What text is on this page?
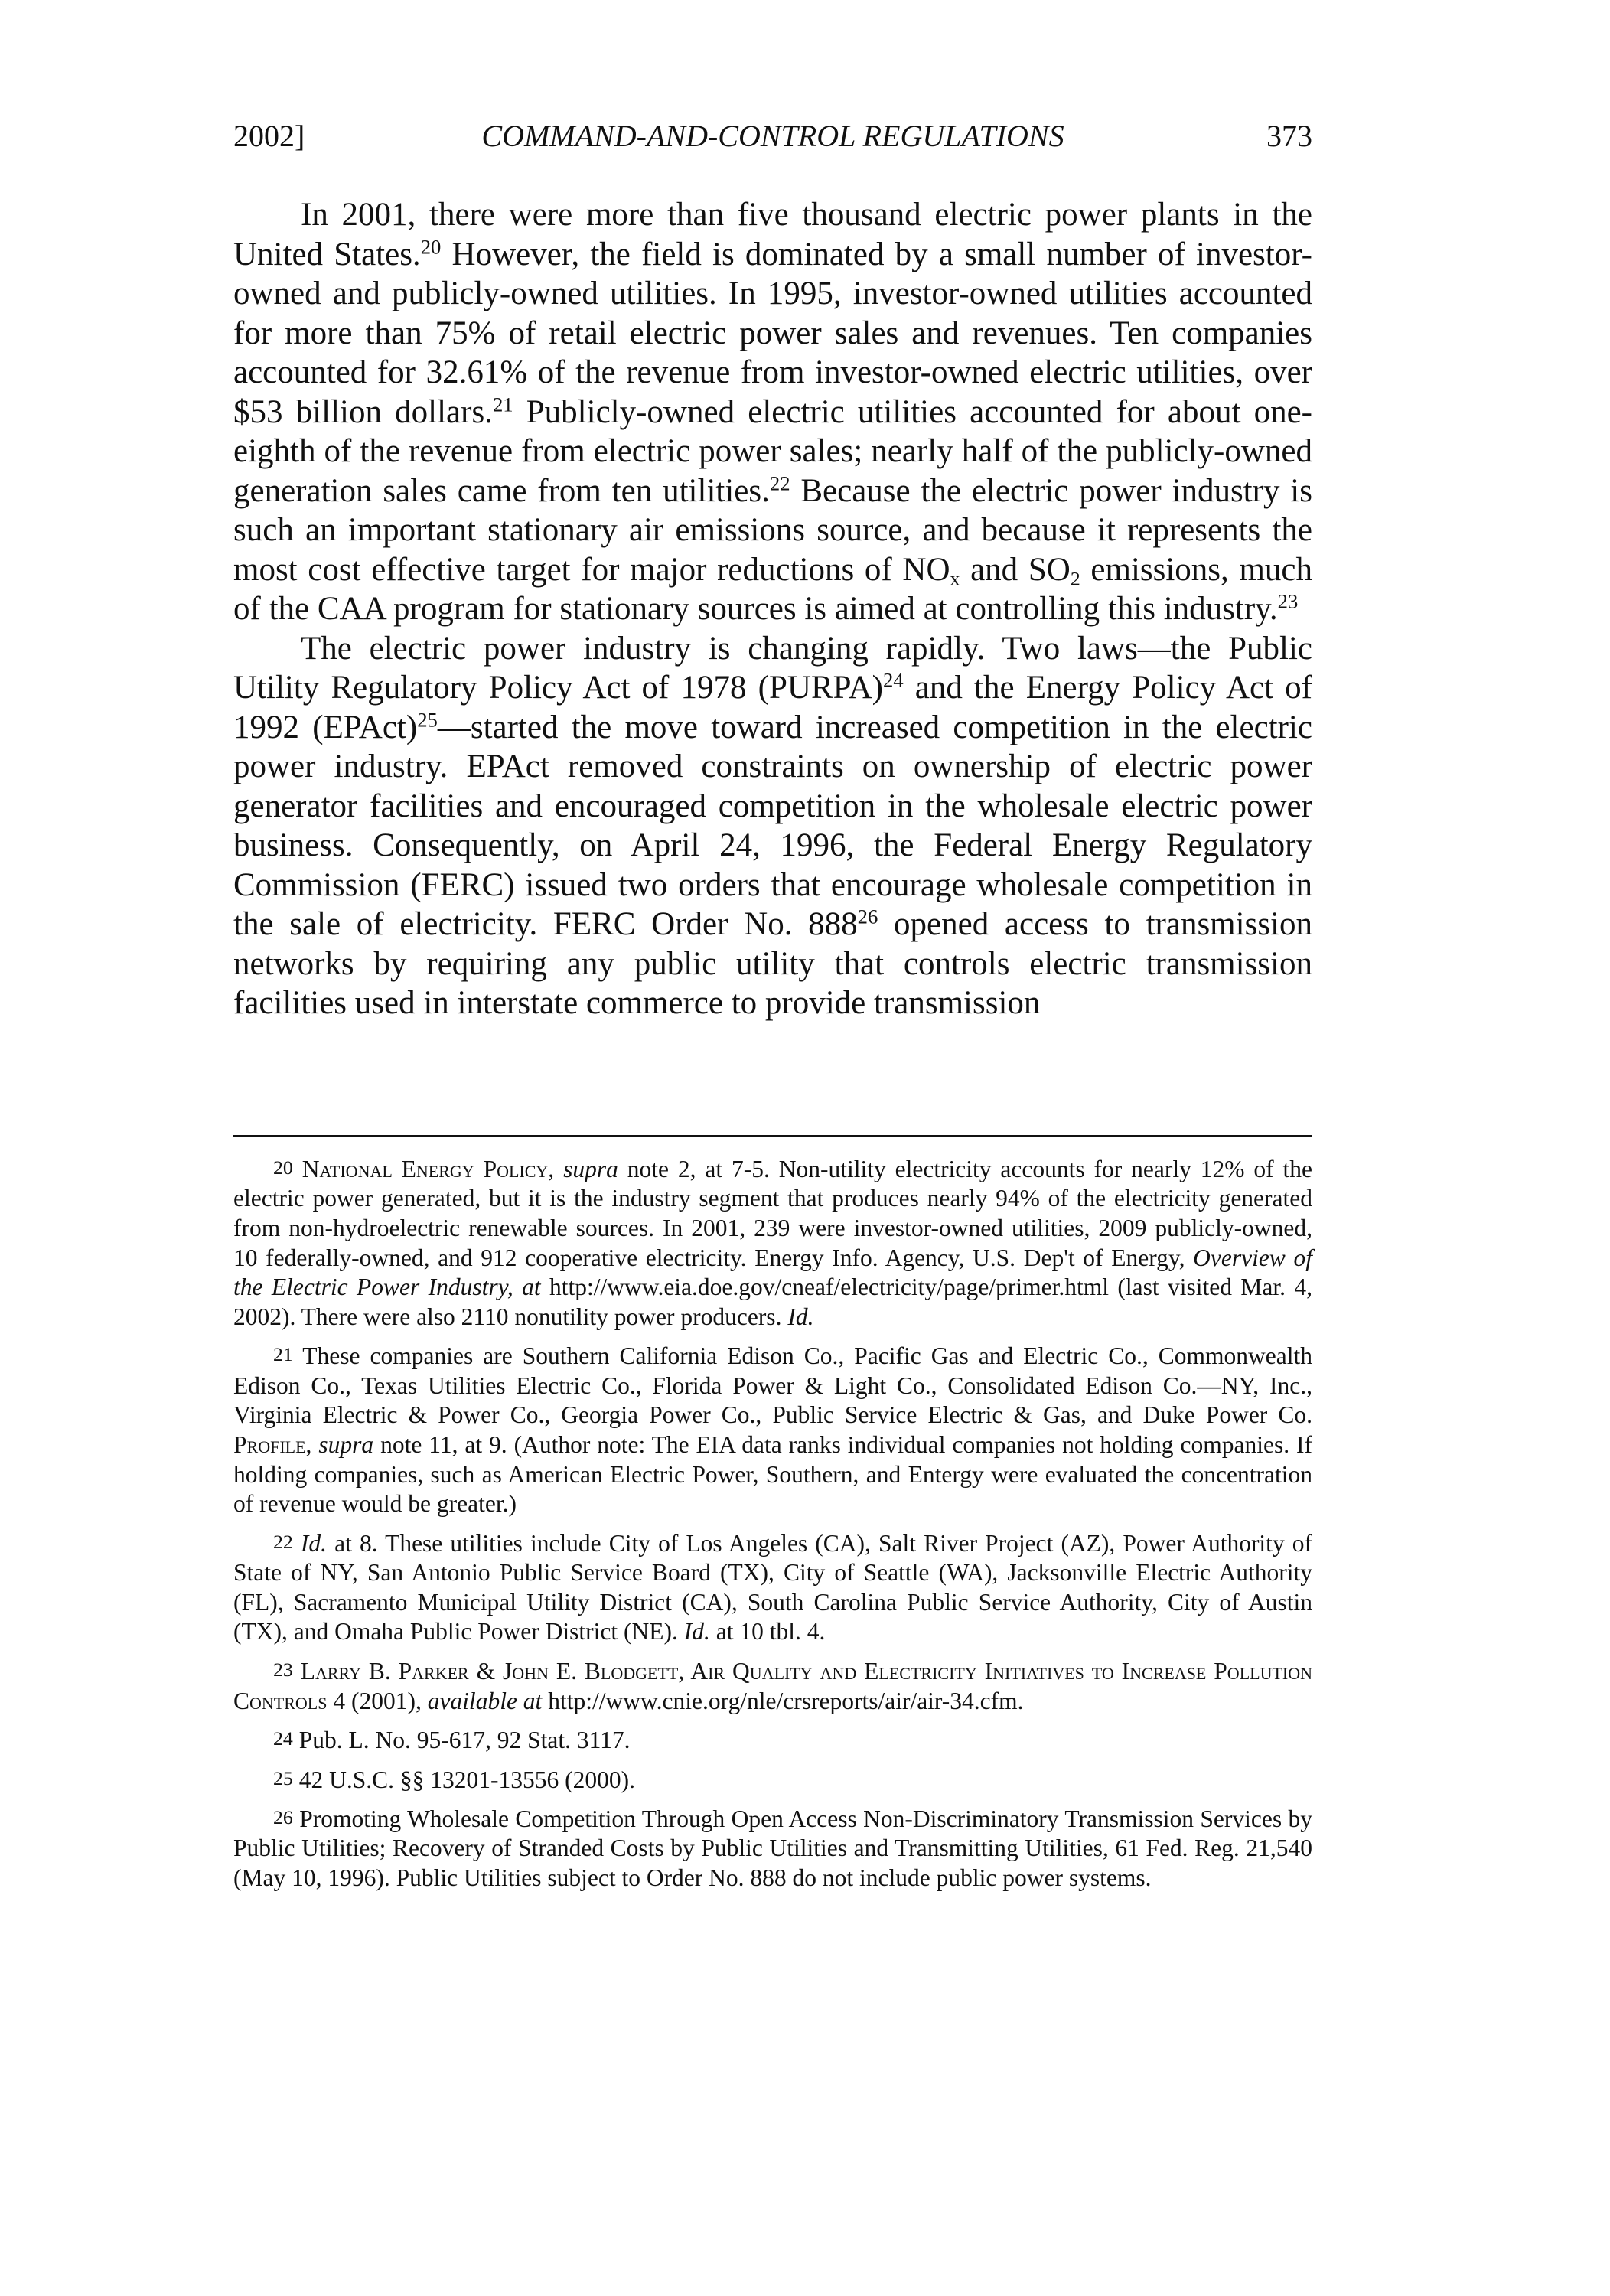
2002]	COMMAND-AND-CONTROL REGULATIONS	373

In 2001, there were more than five thousand electric power plants in the United States.$^{20}$ However, the field is dominated by a small number of investor-owned and publicly-owned utilities. In 1995, investor-owned utilities accounted for more than 75% of retail electric power sales and revenues. Ten companies accounted for 32.61% of the revenue from investor-owned electric utilities, over $53 billion dollars.$^{21}$ Publicly-owned electric utilities accounted for about one-eighth of the revenue from electric power sales; nearly half of the publicly-owned generation sales came from ten utilities.$^{22}$ Because the electric power industry is such an important stationary air emissions source, and because it represents the most cost effective target for major reductions of $NO_x$ and $SO_2$ emissions, much of the CAA program for stationary sources is aimed at controlling this industry.$^{23}$

The electric power industry is changing rapidly. Two laws—the Public Utility Regulatory Policy Act of 1978 (PURPA)$^{24}$ and the Energy Policy Act of 1992 (EPAct)$^{25}$—started the move toward increased competition in the electric power industry. EPAct removed constraints on ownership of electric power generator facilities and encouraged competition in the wholesale electric power business. Consequently, on April 24, 1996, the Federal Energy Regulatory Commission (FERC) issued two orders that encourage wholesale competition in the sale of electricity. FERC Order No. $888^{26}$ opened access to transmission networks by requiring any public utility that controls electric transmission facilities used in interstate commerce to provide transmission

20 National Energy Policy, supra note 2, at 7-5. Non-utility electricity accounts for nearly 12% of the electric power generated, but it is the industry segment that produces nearly 94% of the electricity generated from non-hydroelectric renewable sources. In 2001, 239 were investor-owned utilities, 2009 publicly-owned, 10 federally-owned, and 912 cooperative electricity. Energy Info. Agency, U.S. Dep't of Energy, Overview of the Electric Power Industry, at http://www.eia.doe.gov/cneaf/electricity/page/primer.html (last visited Mar. 4, 2002). There were also 2110 nonutility power producers. Id.

21 These companies are Southern California Edison Co., Pacific Gas and Electric Co., Commonwealth Edison Co., Texas Utilities Electric Co., Florida Power & Light Co., Consolidated Edison Co.—NY, Inc., Virginia Electric & Power Co., Georgia Power Co., Public Service Electric & Gas, and Duke Power Co. Profile, supra note 11, at 9. (Author note: The EIA data ranks individual companies not holding companies. If holding companies, such as American Electric Power, Southern, and Entergy were evaluated the concentration of revenue would be greater.)

22 Id. at 8. These utilities include City of Los Angeles (CA), Salt River Project (AZ), Power Authority of State of NY, San Antonio Public Service Board (TX), City of Seattle (WA), Jacksonville Electric Authority (FL), Sacramento Municipal Utility District (CA), South Carolina Public Service Authority, City of Austin (TX), and Omaha Public Power District (NE). Id. at 10 tbl. 4.

23 Larry B. Parker & John E. Blodgett, Air Quality and Electricity Initiatives to Increase Pollution Controls 4 (2001), available at http://www.cnie.org/nle/crsreports/air/air-34.cfm.

24 Pub. L. No. 95-617, 92 Stat. 3117.

25 42 U.S.C. §§ 13201-13556 (2000).

26 Promoting Wholesale Competition Through Open Access Non-Discriminatory Transmission Services by Public Utilities; Recovery of Stranded Costs by Public Utilities and Transmitting Utilities, 61 Fed. Reg. 21,540 (May 10, 1996). Public Utilities subject to Order No. 888 do not include public power systems.
